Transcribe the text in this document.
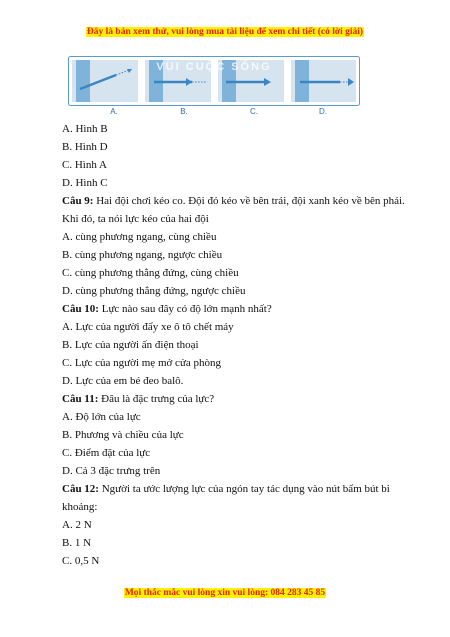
Đây là bản xem thử, vui lòng mua tài liệu để xem chi tiết (có lời giải)
VUI CUỘC SỐNG
A.	B.	C.	D.

A. Hình B

B. Hình D

C. Hình A

D. Hình C

Câu 9: Hai đội chơi kéo co. Đội đỏ kéo về bên trái, đội xanh kéo về bên phải.

Khi đó, ta nói lực kéo của hai đội

A. cùng phương ngang, cùng chiều

B. cùng phương ngang, ngược chiều

C. cùng phương thẳng đứng, cùng chiều

D. cùng phương thẳng đứng, ngược chiều

Câu 10: Lực nào sau đây có độ lớn mạnh nhất?

A. Lực của người đẩy xe ô tô chết máy

B. Lực của người ấn điện thoại

C. Lực của người mẹ mở cửa phòng

D. Lực của em bé đeo balô.

Câu 11: Đâu là đặc trưng của lực?

A. Độ lớn của lực

B. Phương và chiều của lực

C. Điểm đặt của lực

D. Cả 3 đặc trưng trên

Câu 12: Người ta ước lượng lực của ngón tay tác dụng vào nút bấm bút bi

khoảng:

A. 2 N

B. 1 N

C. 0,5 N

Mọi thắc mắc vui lòng xin vui lòng: 084 283 45 85
